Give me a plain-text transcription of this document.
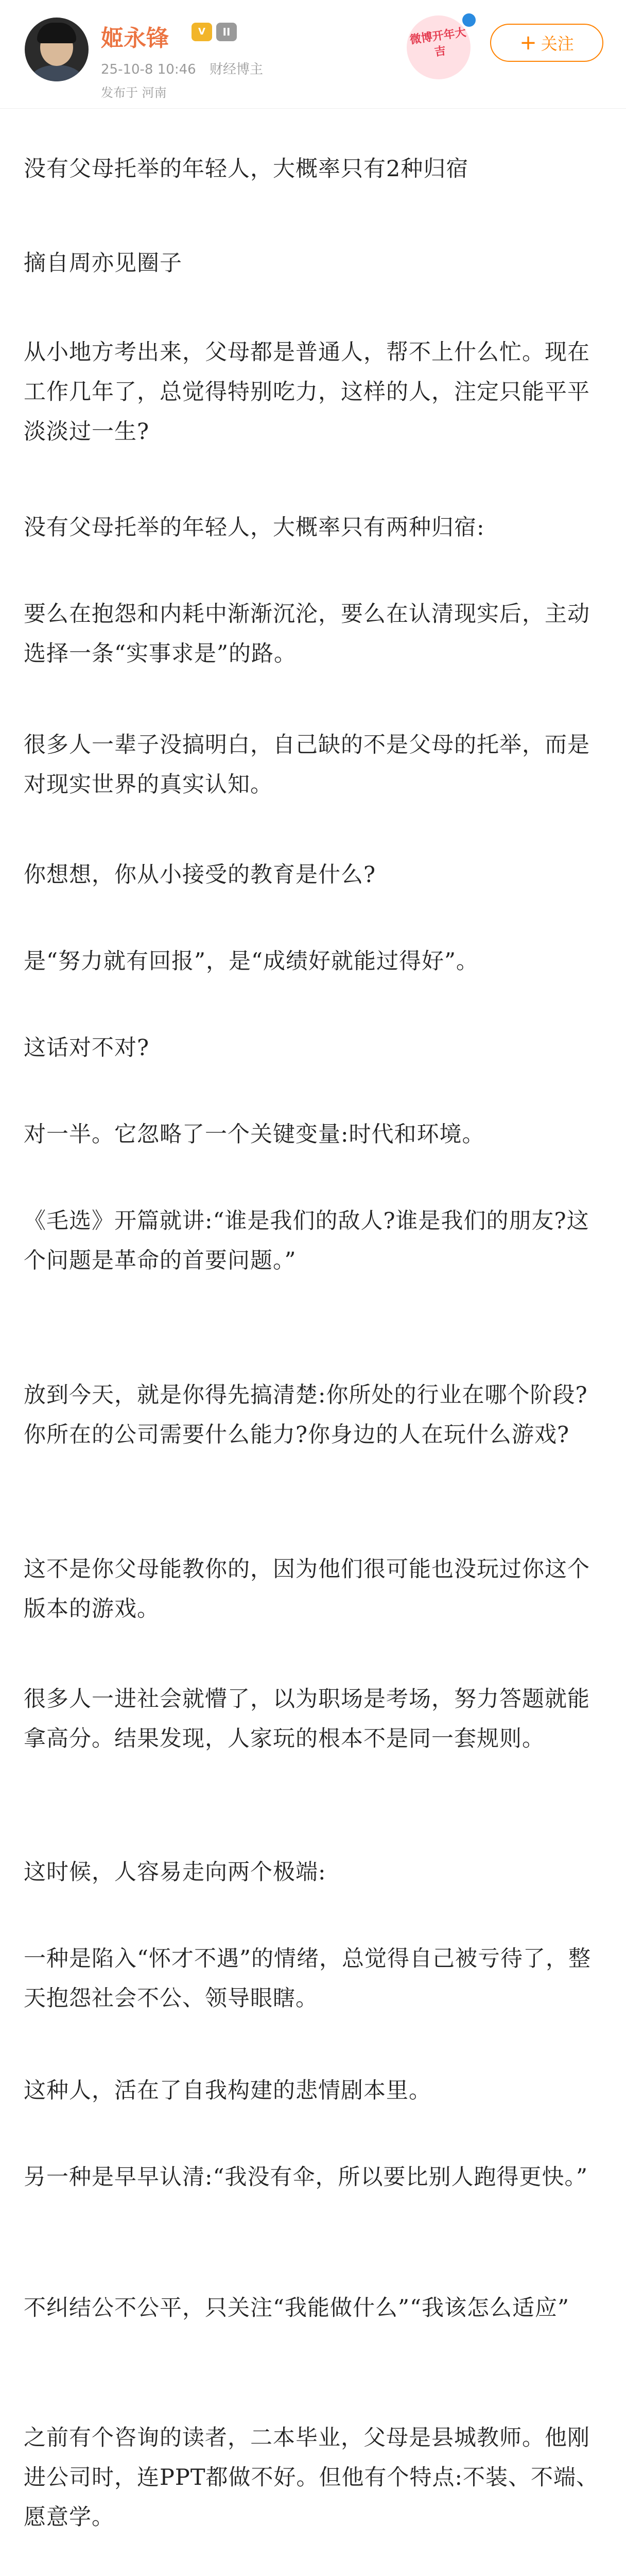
姬永锋	V	II
25-10-8 10:46 财经博主
发布于 河南
微博开年大吉	+ 关注

没有父母托举的年轻人，大概率只有2种归宿

摘自周亦见圈子

从小地方考出来，父母都是普通人，帮不上什么忙。现在工作几年了，总觉得特别吃力，这样的人，注定只能平平淡淡过一生?

没有父母托举的年轻人，大概率只有两种归宿:

要么在抱怨和内耗中渐渐沉沦，要么在认清现实后，主动选择一条“实事求是”的路。

很多人一辈子没搞明白，自己缺的不是父母的托举，而是对现实世界的真实认知。

你想想，你从小接受的教育是什么?

是“努力就有回报”，是“成绩好就能过得好”。

这话对不对?

对一半。它忽略了一个关键变量:时代和环境。

《毛选》开篇就讲:“谁是我们的敌人?谁是我们的朋友?这个问题是革命的首要问题。”

放到今天，就是你得先搞清楚:你所处的行业在哪个阶段?你所在的公司需要什么能力?你身边的人在玩什么游戏?

这不是你父母能教你的，因为他们很可能也没玩过你这个版本的游戏。

很多人一进社会就懵了，以为职场是考场，努力答题就能拿高分。结果发现，人家玩的根本不是同一套规则。

这时候，人容易走向两个极端:

一种是陷入“怀才不遇”的情绪，总觉得自己被亏待了，整天抱怨社会不公、领导眼瞎。

这种人，活在了自我构建的悲情剧本里。

另一种是早早认清:“我没有伞，所以要比别人跑得更快。”

不纠结公不公平，只关注“我能做什么”“我该怎么适应”

之前有个咨询的读者，二本毕业，父母是县城教师。他刚进公司时，连PPT都做不好。但他有个特点:不装、不端、愿意学。
